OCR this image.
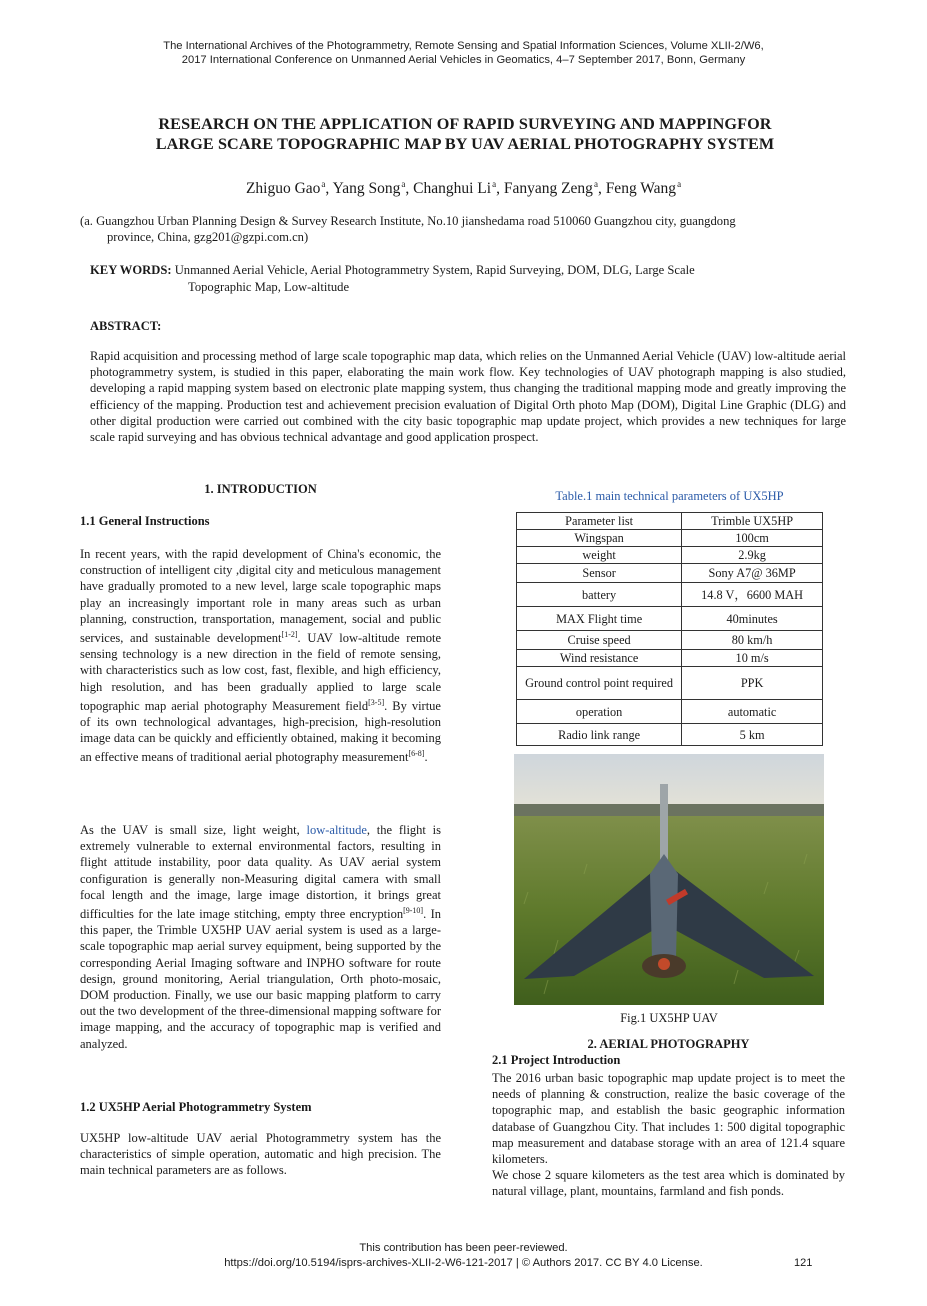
The International Archives of the Photogrammetry, Remote Sensing and Spatial Information Sciences, Volume XLII-2/W6,
2017 International Conference on Unmanned Aerial Vehicles in Geomatics, 4–7 September 2017, Bonn, Germany
RESEARCH ON THE APPLICATION OF RAPID SURVEYING AND MAPPINGFOR
LARGE SCARE TOPOGRAPHIC MAP BY UAV AERIAL PHOTOGRAPHY SYSTEM
Zhiguo Gao$^a$, Yang Song$^a$, Changhui Li$^a$, Fanyang Zeng$^a$, Feng Wang$^a$
(a. Guangzhou Urban Planning Design & Survey Research Institute, No.10 jianshedama road 510060 Guangzhou city, guangdong
province, China, gzg201@gzpi.com.cn)
KEY WORDS: Unmanned Aerial Vehicle, Aerial Photogrammetry System, Rapid Surveying, DOM, DLG, Large Scale
Topographic Map, Low-altitude
ABSTRACT:
Rapid acquisition and processing method of large scale topographic map data, which relies on the Unmanned Aerial Vehicle (UAV) low-altitude aerial photogrammetry system, is studied in this paper, elaborating the main work flow. Key technologies of UAV photograph mapping is also studied, developing a rapid mapping system based on electronic plate mapping system, thus changing the traditional mapping mode and greatly improving the efficiency of the mapping. Production test and achievement precision evaluation of Digital Orth photo Map (DOM), Digital Line Graphic (DLG) and other digital production were carried out combined with the city basic topographic map update project, which provides a new techniques for large scale rapid surveying and has obvious technical advantage and good application prospect.
1. INTRODUCTION
1.1 General Instructions
In recent years, with the rapid development of China's economic, the construction of intelligent city ,digital city and meticulous management have gradually promoted to a new level, large scale topographic maps play an increasingly important role in many areas such as urban planning, construction, transportation, management, social and public services, and sustainable development[1-2]. UAV low-altitude remote sensing technology is a new direction in the field of remote sensing, with characteristics such as low cost, fast, flexible, and high efficiency, high resolution, and has been gradually applied to large scale topographic map aerial photography Measurement field[3-5]. By virtue of its own technological advantages, high-precision, high-resolution image data can be quickly and efficiently obtained, making it becoming an effective means of traditional aerial photography measurement[6-8].
As the UAV is small size, light weight, low-altitude, the flight is extremely vulnerable to external environmental factors, resulting in flight attitude instability, poor data quality. As UAV aerial system configuration is generally non-Measuring digital camera with small focal length and the image, large image distortion, it brings great difficulties for the late image stitching, empty three encryption[9-10]. In this paper, the Trimble UX5HP UAV aerial system is used as a large-scale topographic map aerial survey equipment, being supported by the corresponding Aerial Imaging software and INPHO software for route design, ground monitoring, Aerial triangulation, Orth photo-mosaic, DOM production. Finally, we use our basic mapping platform to carry out the two development of the three-dimensional mapping software for image mapping, and the accuracy of topographic map is verified and analyzed.
1.2 UX5HP Aerial Photogrammetry System
UX5HP low-altitude UAV aerial Photogrammetry system has the characteristics of simple operation, automatic and high precision. The main technical parameters are as follows.
Table.1 main technical parameters of UX5HP
Parameter list	Trimble UX5HP
Wingspan	100cm
weight	2.9kg
Sensor	Sony A7@ 36MP
battery	14.8 V，6600 MAH
MAX Flight time	40minutes
Cruise speed	80 km/h
Wind resistance	10 m/s
Ground control point required	PPK
operation	automatic
Radio link range	5 km
Fig.1 UX5HP UAV
2. AERIAL PHOTOGRAPHY
2.1 Project Introduction
The 2016 urban basic topographic map update project is to meet the needs of planning & construction, realize the basic coverage of the topographic map, and establish the basic geographic information database of Guangzhou City. That includes 1: 500 digital topographic map measurement and database storage with an area of 121.4 square kilometers.
We chose 2 square kilometers as the test area which is dominated by natural village, plant, mountains, farmland and fish ponds.
This contribution has been peer-reviewed.
https://doi.org/10.5194/isprs-archives-XLII-2-W6-121-2017 | © Authors 2017. CC BY 4.0 License.	121
